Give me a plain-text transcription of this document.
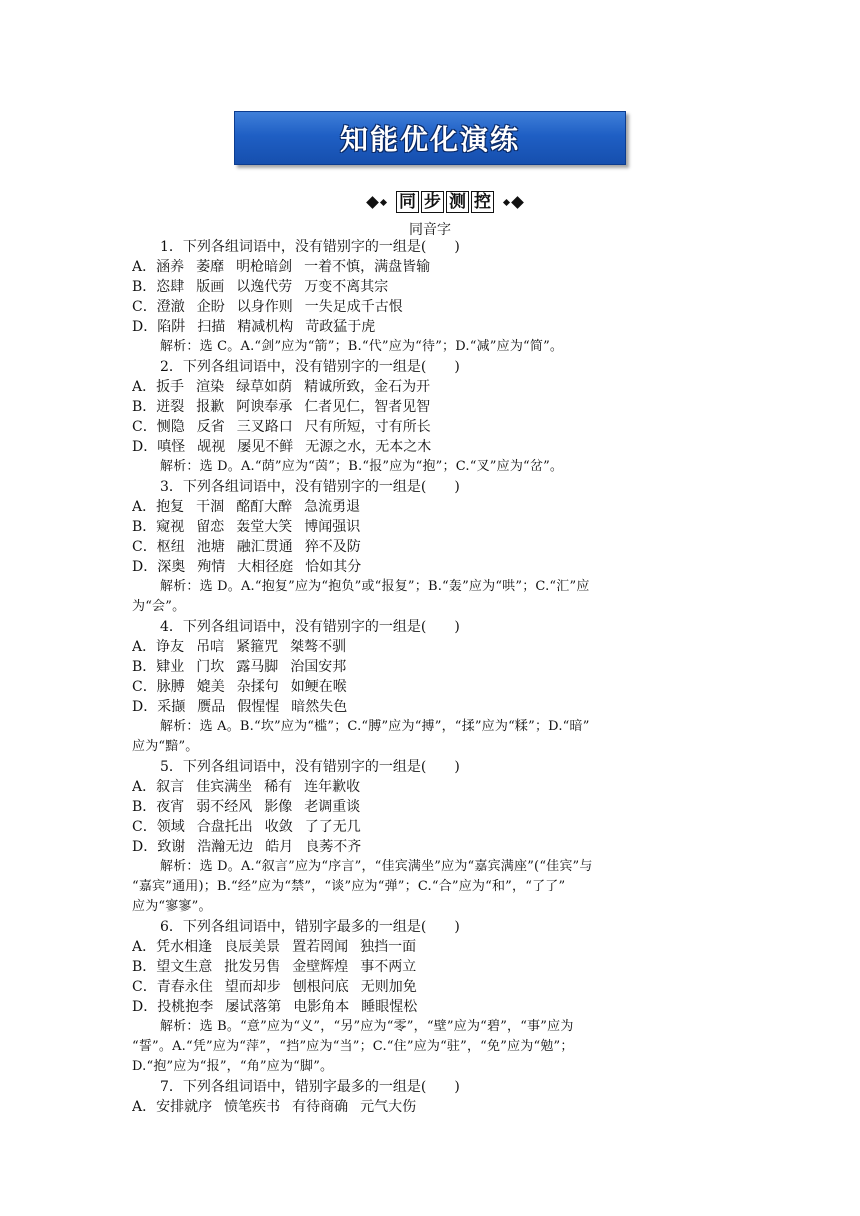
知能优化演练
同 步 测 控
同音字
1．下列各组词语中，没有错别字的一组是(　　)
A．涵养 萎靡 明枪暗剑 一着不慎，满盘皆输
B．恣肆 版画 以逸代劳 万变不离其宗
C．澄澈 企盼 以身作则 一失足成千古恨
D．陷阱 扫描 精减机构 苛政猛于虎
解析：选 C。A.“剑”应为“箭”；B.“代”应为“待”；D.“减”应为“简”。
2．下列各组词语中，没有错别字的一组是(　　)
A．扳手 渲染 绿草如荫 精诚所致，金石为开
B．迸裂 报歉 阿谀奉承 仁者见仁，智者见智
C．恻隐 反省 三叉路口 尺有所短，寸有所长
D．嗔怪 觇视 屡见不鲜 无源之水，无本之木
解析：选 D。A.“荫”应为“茵”；B.“报”应为“抱”；C.“叉”应为“岔”。
3．下列各组词语中，没有错别字的一组是(　　)
A．抱复 干涸 酩酊大醉 急流勇退
B．窥视 留恋 轰堂大笑 博闻强识
C．枢纽 池塘 融汇贯通 猝不及防
D．深奥 殉情 大相径庭 恰如其分
解析：选 D。A.“抱复”应为“抱负”或“报复”；B.“轰”应为“哄”；C.“汇”应
为“会”。
4．下列各组词语中，没有错别字的一组是(　　)
A．诤友 吊唁 紧箍咒 桀骜不驯
B．肄业 门坎 露马脚 治国安邦
C．脉膊 媲美 杂揉句 如鲠在喉
D．采撷 赝品 假惺惺 暗然失色
解析：选 A。B.“坎”应为“槛”；C.“膊”应为“搏”，“揉”应为“糅”；D.“暗”
应为“黯”。
5．下列各组词语中，没有错别字的一组是(　　)
A．叙言 佳宾满坐 稀有 连年歉收
B．夜宵 弱不经风 影像 老调重谈
C．领域 合盘托出 收敛 了了无几
D．致谢 浩瀚无边 皓月 良莠不齐
解析：选 D。A.“叙言”应为“序言”，“佳宾满坐”应为“嘉宾满座”(“佳宾”与
“嘉宾”通用)；B.“经”应为“禁”，“谈”应为“弹”；C.“合”应为“和”，“了了”
应为“寥寥”。
6．下列各组词语中，错别字最多的一组是(　　)
A．凭水相逢 良辰美景 置若罔闻 独挡一面
B．望文生意 批发另售 金壁辉煌 事不两立
C．青春永住 望而却步 刨根问底 无则加免
D．投桃抱李 屡试落第 电影角本 睡眼惺松
解析：选 B。“意”应为“义”，“另”应为“零”，“壁”应为“碧”，“事”应为
“誓”。A.“凭”应为“萍”，“挡”应为“当”；C.“住”应为“驻”，“免”应为“勉”；
D.“抱”应为“报”，“角”应为“脚”。
7．下列各组词语中，错别字最多的一组是(　　)
A．安排就序 愤笔疾书 有待商确 元气大伤
